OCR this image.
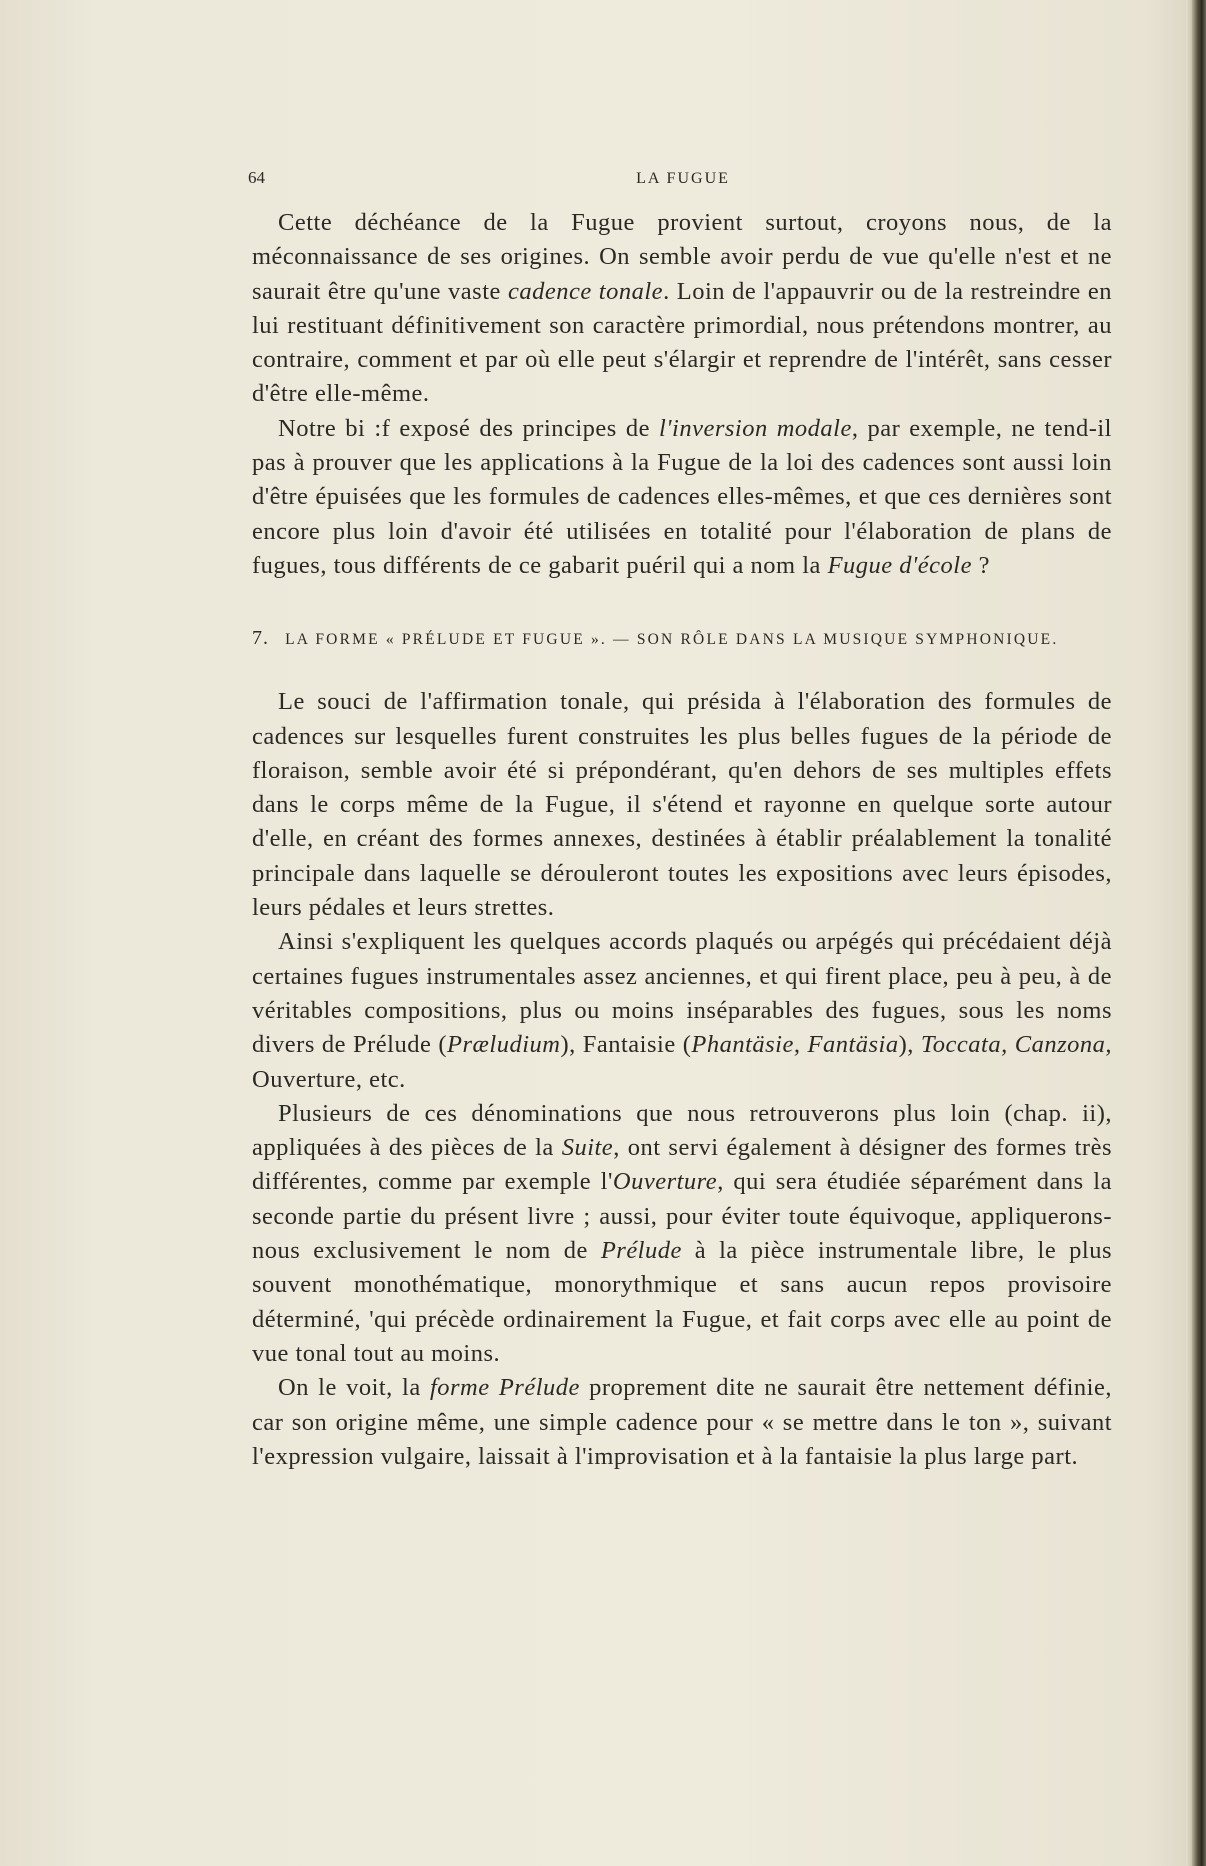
64	LA FUGUE

Cette déchéance de la Fugue provient surtout, croyons nous, de la méconnaissance de ses origines. On semble avoir perdu de vue qu'elle n'est et ne saurait être qu'une vaste cadence tonale. Loin de l'appauvrir ou de la restreindre en lui restituant définitivement son caractère primordial, nous prétendons montrer, au contraire, comment et par où elle peut s'élargir et reprendre de l'intérêt, sans cesser d'être elle-même.

Notre bi :f exposé des principes de l'inversion modale, par exemple, ne tend-il pas à prouver que les applications à la Fugue de la loi des cadences sont aussi loin d'être épuisées que les formules de cadences elles-mêmes, et que ces dernières sont encore plus loin d'avoir été utilisées en totalité pour l'élaboration de plans de fugues, tous différents de ce gabarit puéril qui a nom la Fugue d'école ?

7. LA FORME « PRÉLUDE ET FUGUE ». — SON RÔLE DANS LA MUSIQUE SYMPHONIQUE.

Le souci de l'affirmation tonale, qui présida à l'élaboration des formules de cadences sur lesquelles furent construites les plus belles fugues de la période de floraison, semble avoir été si prépondérant, qu'en dehors de ses multiples effets dans le corps même de la Fugue, il s'étend et rayonne en quelque sorte autour d'elle, en créant des formes annexes, destinées à établir préalablement la tonalité principale dans laquelle se dérouleront toutes les expositions avec leurs épisodes, leurs pédales et leurs strettes.

Ainsi s'expliquent les quelques accords plaqués ou arpégés qui précédaient déjà certaines fugues instrumentales assez anciennes, et qui firent place, peu à peu, à de véritables compositions, plus ou moins inséparables des fugues, sous les noms divers de Prélude (Præludium), Fantaisie (Phantäsie, Fantäsia), Toccata, Canzona, Ouverture, etc.

Plusieurs de ces dénominations que nous retrouverons plus loin (chap. ii), appliquées à des pièces de la Suite, ont servi également à désigner des formes très différentes, comme par exemple l'Ouverture, qui sera étudiée séparément dans la seconde partie du présent livre ; aussi, pour éviter toute équivoque, appliquerons-nous exclusivement le nom de Prélude à la pièce instrumentale libre, le plus souvent monothématique, monorythmique et sans aucun repos provisoire déterminé, 'qui précède ordinairement la Fugue, et fait corps avec elle au point de vue tonal tout au moins.

On le voit, la forme Prélude proprement dite ne saurait être nettement définie, car son origine même, une simple cadence pour « se mettre dans le ton », suivant l'expression vulgaire, laissait à l'improvisation et à la fantaisie la plus large part.
